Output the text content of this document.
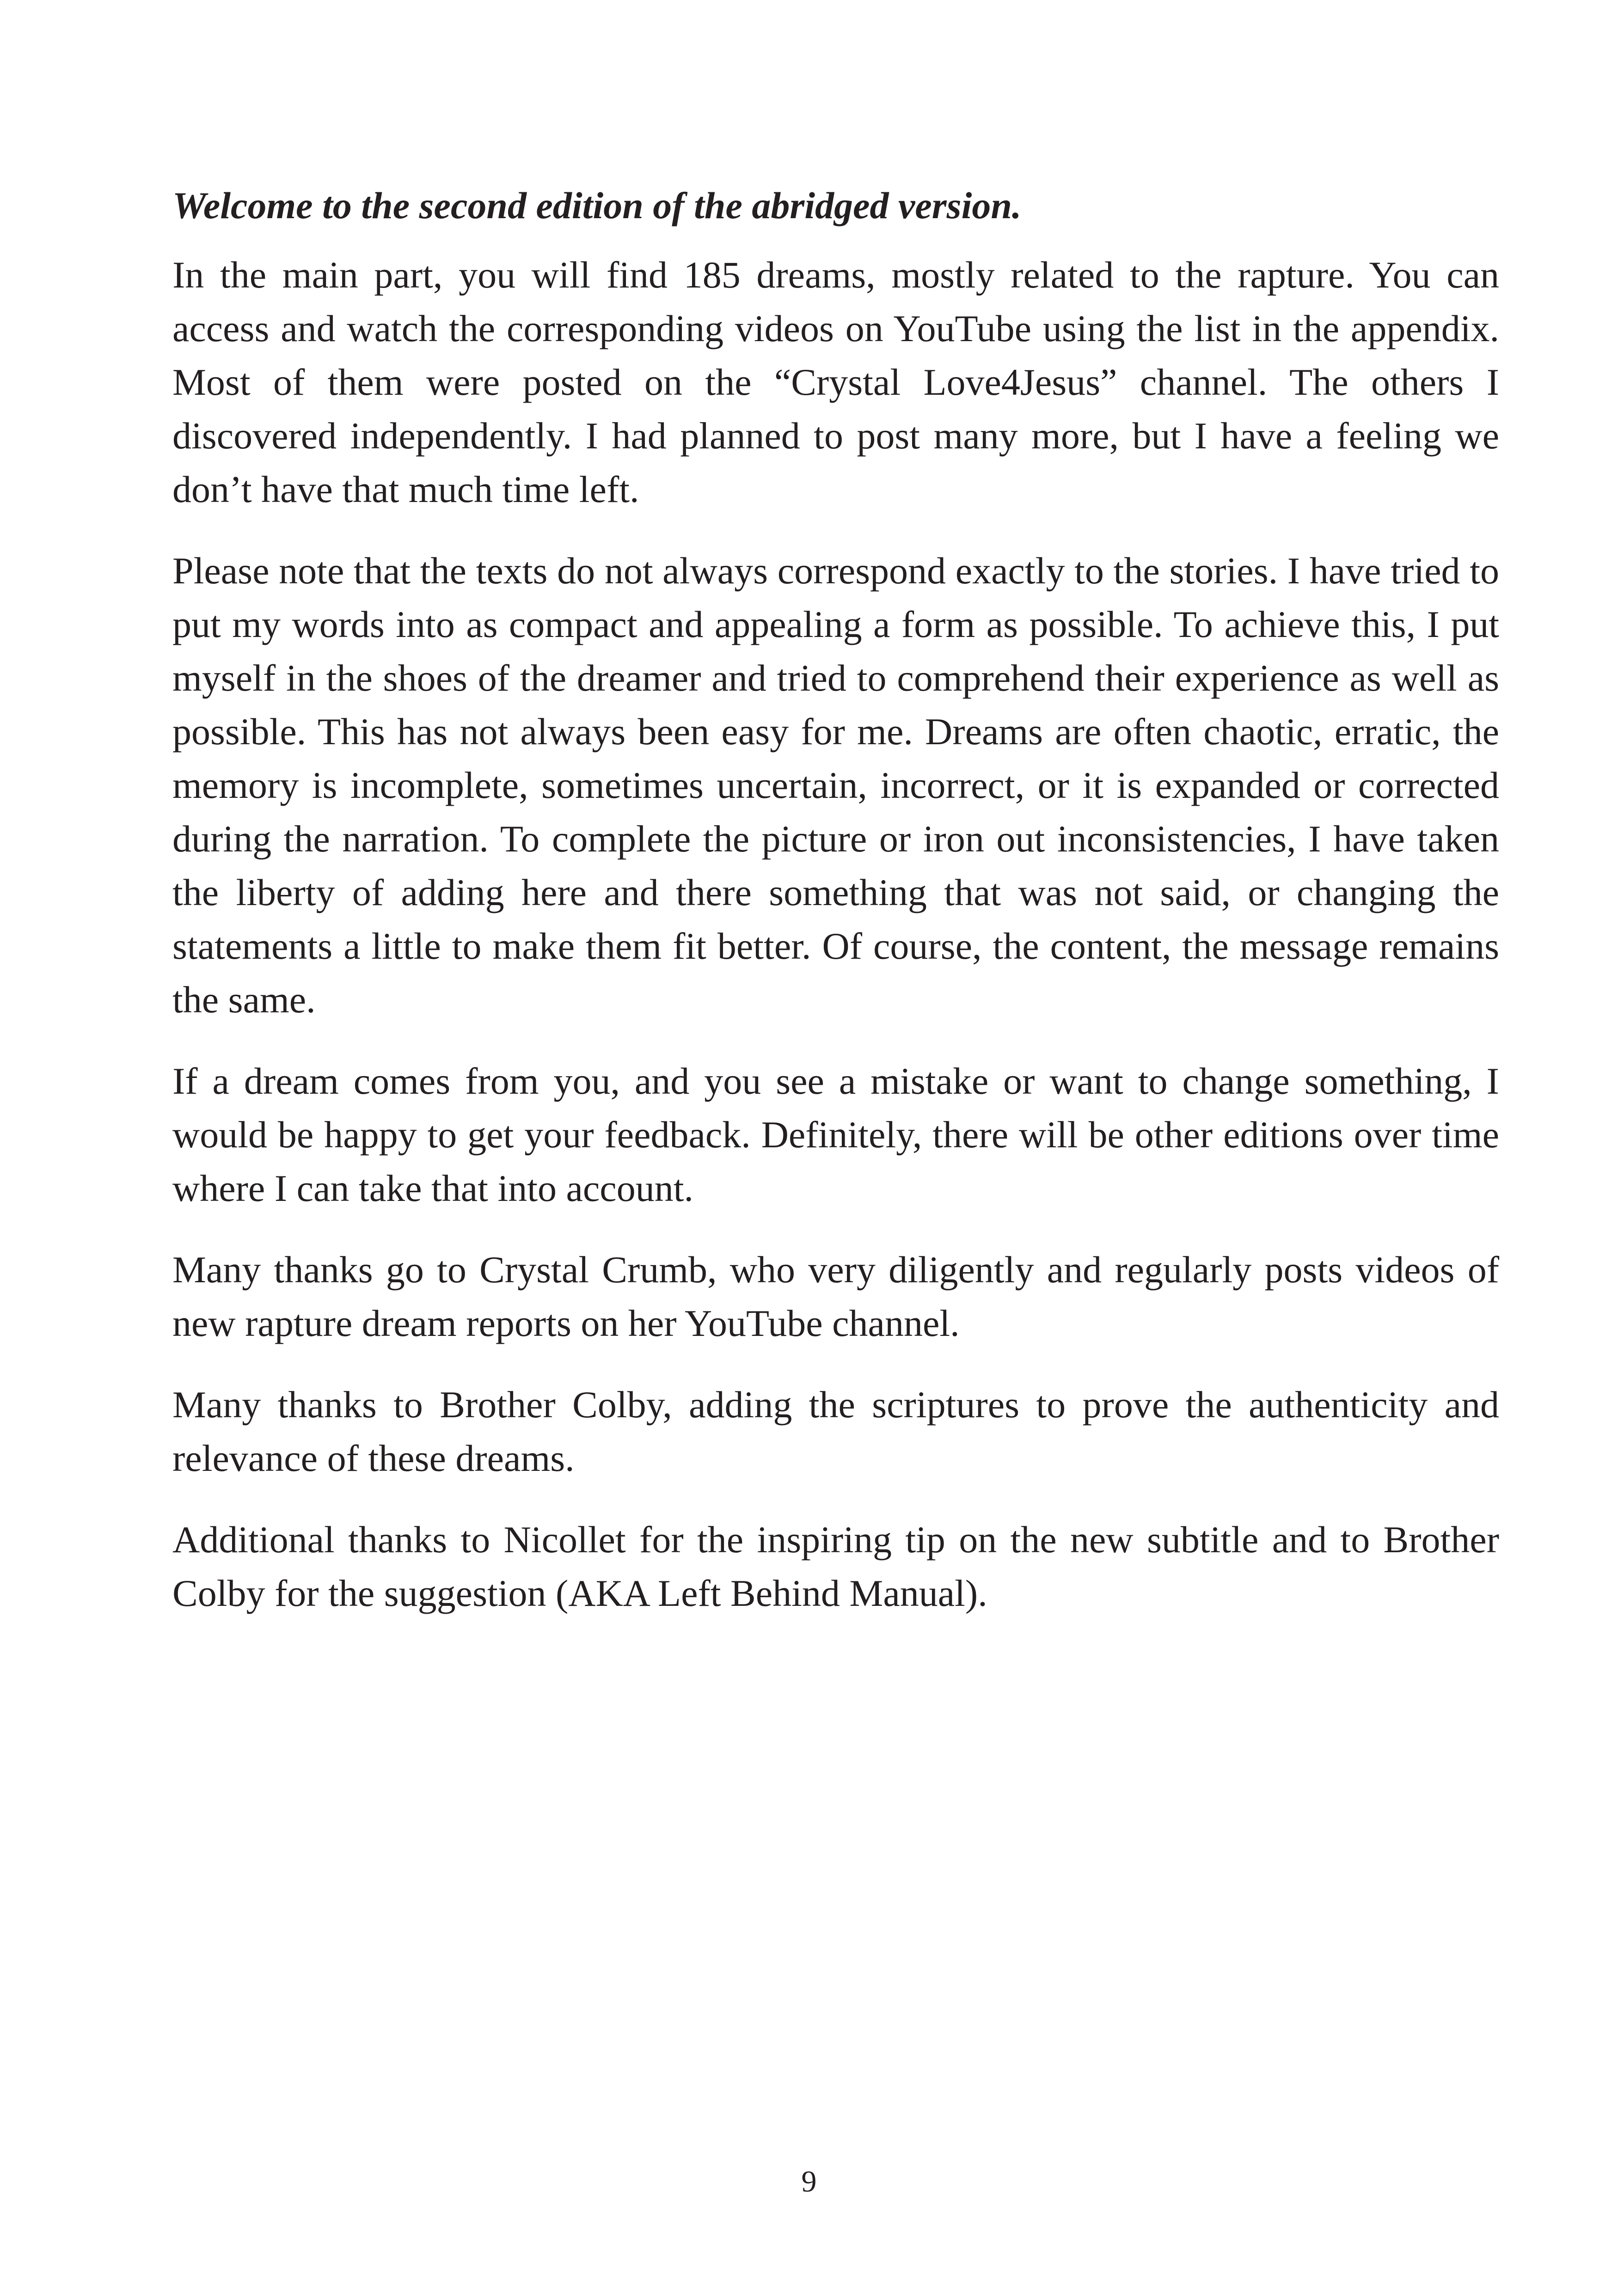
Welcome to the second edition of the abridged version.

In the main part, you will find 185 dreams, mostly related to the rapture. You can access and watch the corresponding videos on YouTube using the list in the appendix. Most of them were posted on the “Crystal Love4Jesus” channel. The others I discovered independently. I had planned to post many more, but I have a feeling we don’t have that much time left.

Please note that the texts do not always correspond exactly to the stories. I have tried to put my words into as compact and appealing a form as possible. To achieve this, I put myself in the shoes of the dreamer and tried to comprehend their experience as well as possible. This has not always been easy for me. Dreams are often chaotic, erratic, the memory is incomplete, sometimes uncertain, incorrect, or it is expanded or corrected during the narration. To complete the picture or iron out inconsistencies, I have taken the liberty of adding here and there something that was not said, or changing the statements a little to make them fit better. Of course, the content, the message remains the same.

If a dream comes from you, and you see a mistake or want to change something, I would be happy to get your feedback. Definitely, there will be other editions over time where I can take that into account.

Many thanks go to Crystal Crumb, who very diligently and regularly posts videos of new rapture dream reports on her YouTube channel.

Many thanks to Brother Colby, adding the scriptures to prove the authenticity and relevance of these dreams.

Additional thanks to Nicollet for the inspiring tip on the new subtitle and to Brother Colby for the suggestion (AKA Left Behind Manual).

9
